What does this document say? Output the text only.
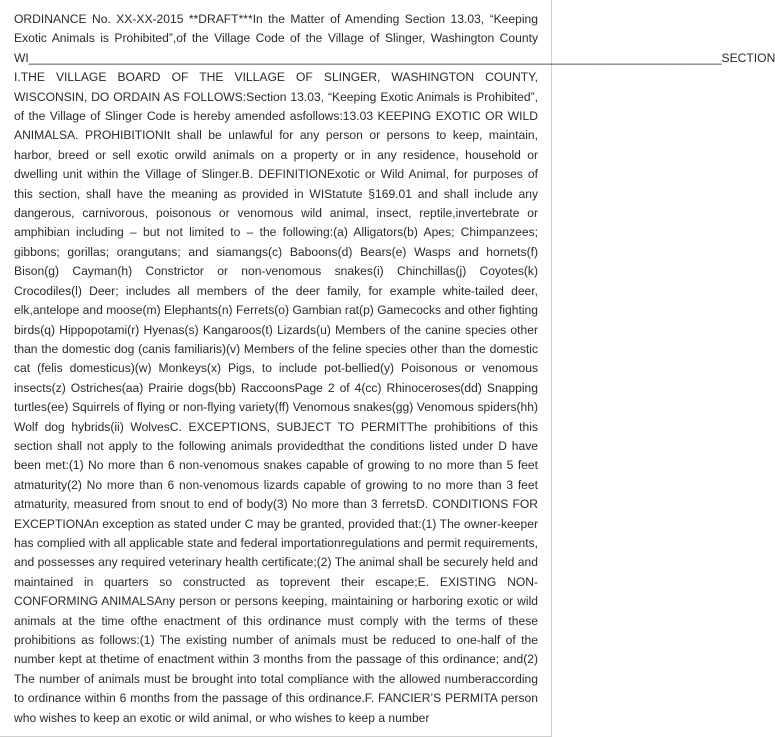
ORDINANCE No. XX-XX-2015 **DRAFT***In the Matter of Amending Section 13.03, “Keeping Exotic Animals is Prohibited”,of the Village Code of the Village of Slinger, Washington County WI_______________________________________________________________________________________________________SECTION I.THE VILLAGE BOARD OF THE VILLAGE OF SLINGER, WASHINGTON COUNTY, WISCONSIN, DO ORDAIN AS FOLLOWS:Section 13.03, “Keeping Exotic Animals is Prohibited”, of the Village of Slinger Code is hereby amended asfollows:13.03 KEEPING EXOTIC OR WILD ANIMALSA. PROHIBITIONIt shall be unlawful for any person or persons to keep, maintain, harbor, breed or sell exotic orwild animals on a property or in any residence, household or dwelling unit within the Village of Slinger.B. DEFINITIONExotic or Wild Animal, for purposes of this section, shall have the meaning as provided in WIStatute §169.01 and shall include any dangerous, carnivorous, poisonous or venomous wild animal, insect, reptile,invertebrate or amphibian including – but not limited to – the following:(a) Alligators(b) Apes; Chimpanzees; gibbons; gorillas; orangutans; and siamangs(c) Baboons(d) Bears(e) Wasps and hornets(f) Bison(g) Cayman(h) Constrictor or non-venomous snakes(i) Chinchillas(j) Coyotes(k) Crocodiles(l) Deer; includes all members of the deer family, for example white-tailed deer, elk,antelope and moose(m) Elephants(n) Ferrets(o) Gambian rat(p) Gamecocks and other fighting birds(q) Hippopotami(r) Hyenas(s) Kangaroos(t) Lizards(u) Members of the canine species other than the domestic dog (canis familiaris)(v) Members of the feline species other than the domestic cat (felis domesticus)(w) Monkeys(x) Pigs, to include pot-bellied(y) Poisonous or venomous insects(z) Ostriches(aa) Prairie dogs(bb) RaccoonsPage 2 of 4(cc) Rhinoceroses(dd) Snapping turtles(ee) Squirrels of flying or non-flying variety(ff) Venomous snakes(gg) Venomous spiders(hh) Wolf dog hybrids(ii) WolvesC. EXCEPTIONS, SUBJECT TO PERMITThe prohibitions of this section shall not apply to the following animals providedthat the conditions listed under D have been met:(1) No more than 6 non-venomous snakes capable of growing to no more than 5 feet atmaturity(2) No more than 6 non-venomous lizards capable of growing to no more than 3 feet atmaturity, measured from snout to end of body(3) No more than 3 ferretsD. CONDITIONS FOR EXCEPTIONAn exception as stated under C may be granted, provided that:(1) The owner-keeper has complied with all applicable state and federal importationregulations and permit requirements, and possesses any required veterinary health certificate;(2) The animal shall be securely held and maintained in quarters so constructed as toprevent their escape;E. EXISTING NON-CONFORMING ANIMALSAny person or persons keeping, maintaining or harboring exotic or wild animals at the time ofthe enactment of this ordinance must comply with the terms of these prohibitions as follows:(1) The existing number of animals must be reduced to one-half of the number kept at thetime of enactment within 3 months from the passage of this ordinance; and(2) The number of animals must be brought into total compliance with the allowed numberaccording to ordinance within 6 months from the passage of this ordinance.F. FANCIER’S PERMITA person who wishes to keep an exotic or wild animal, or who wishes to keep a number
